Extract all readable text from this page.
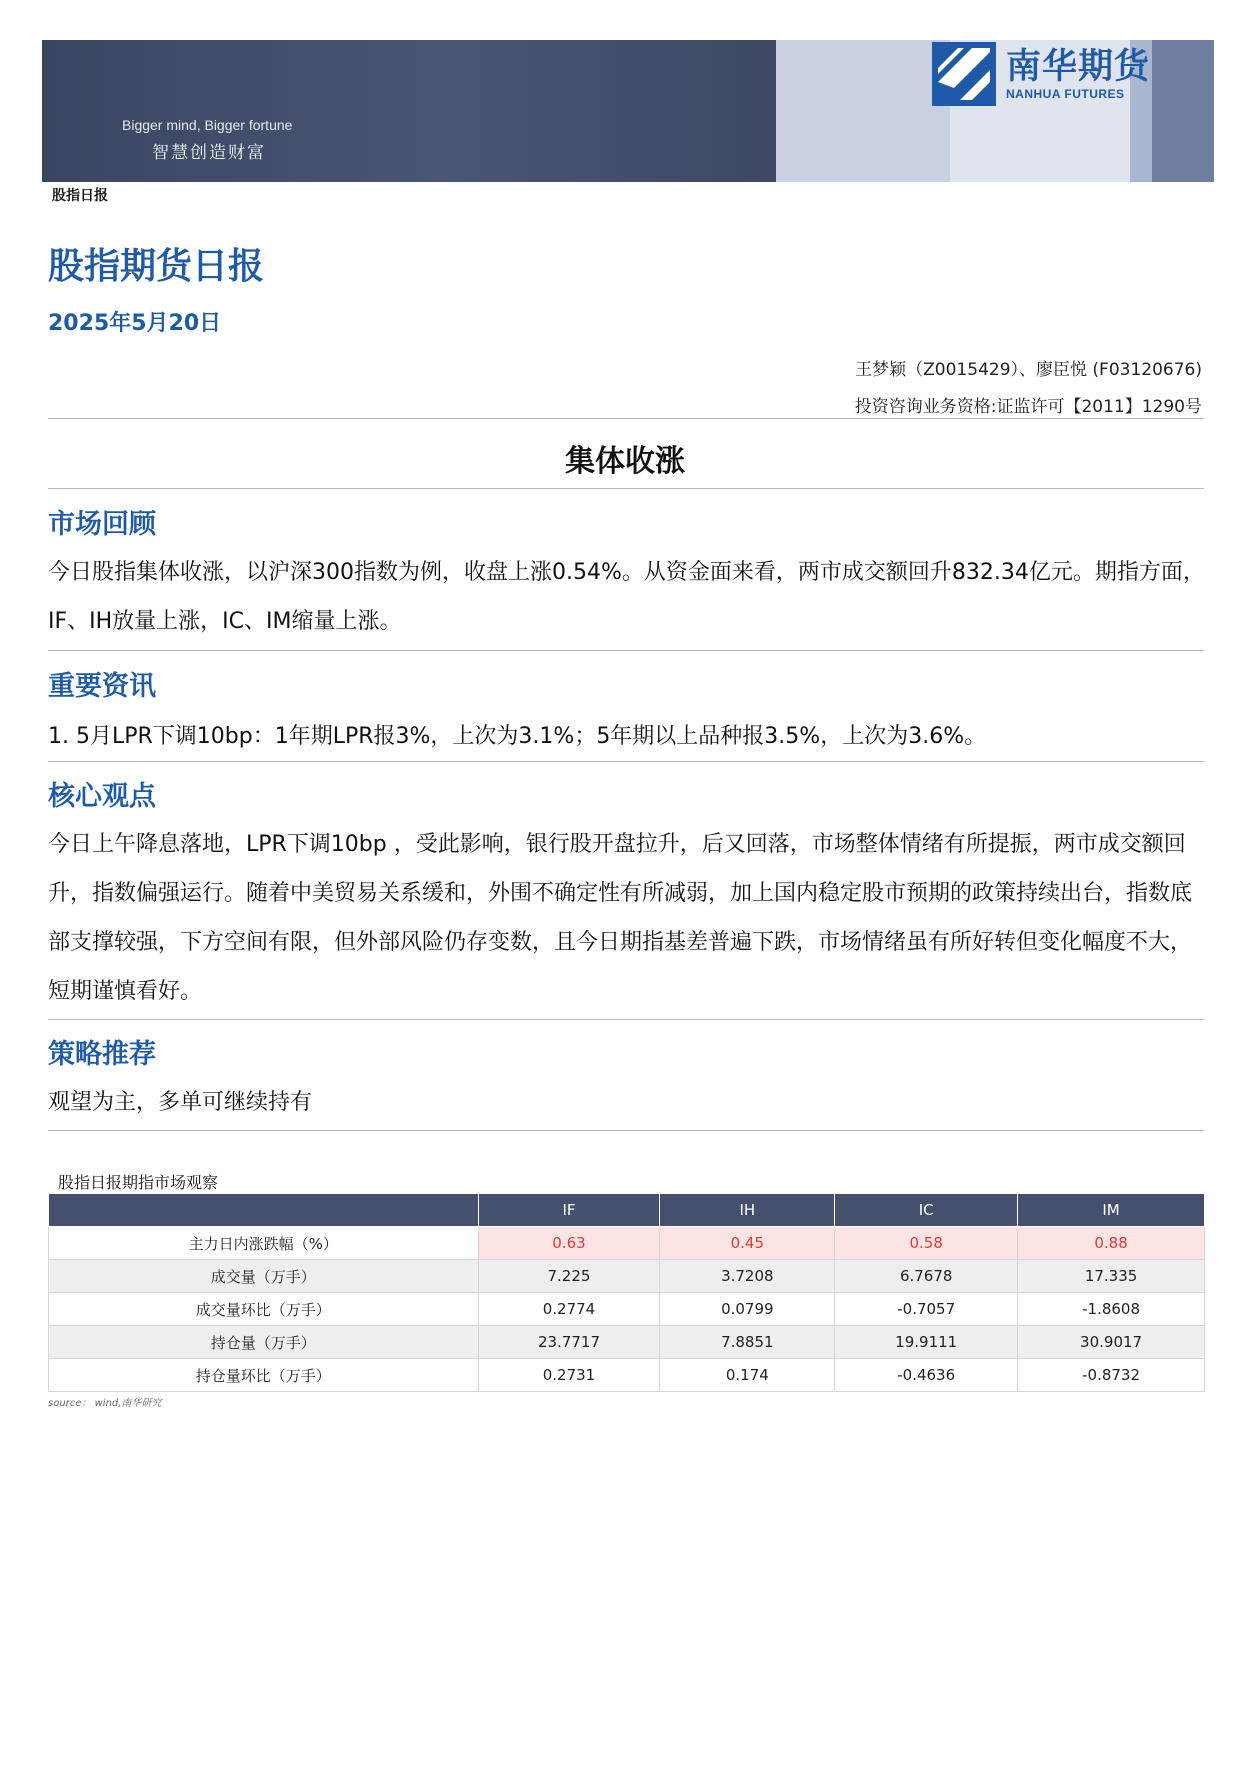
Bigger mind, Bigger fortune
智慧创造财富
南华期货
NANHUA FUTURES
股指日报
股指期货日报
2025年5月20日
王梦颖（Z0015429）、廖臣悦 (F03120676)
投资咨询业务资格:证监许可【2011】1290号
集体收涨
市场回顾
今日股指集体收涨，以沪深300指数为例，收盘上涨0.54%。从资金面来看，两市成交额回升832.34亿元。期指方面，IF、IH放量上涨，IC、IM缩量上涨。
重要资讯
1. 5月LPR下调10bp：1年期LPR报3%，上次为3.1%；5年期以上品种报3.5%，上次为3.6%。
核心观点
今日上午降息落地，LPR下调10bp ，受此影响，银行股开盘拉升，后又回落，市场整体情绪有所提振，两市成交额回升，指数偏强运行。随着中美贸易关系缓和，外围不确定性有所减弱，加上国内稳定股市预期的政策持续出台，指数底部支撑较强，下方空间有限，但外部风险仍存变数，且今日期指基差普遍下跌，市场情绪虽有所好转但变化幅度不大，短期谨慎看好。
策略推荐
观望为主，多单可继续持有
股指日报期指市场观察
	IF	IH	IC	IM
主力日内涨跌幅（%）	0.63	0.45	0.58	0.88
成交量（万手）	7.225	3.7208	6.7678	17.335
成交量环比（万手）	0.2774	0.0799	-0.7057	-1.8608
持仓量（万手）	23.7717	7.8851	19.9111	30.9017
持仓量环比（万手）	0.2731	0.174	-0.4636	-0.8732
source： wind,南华研究
